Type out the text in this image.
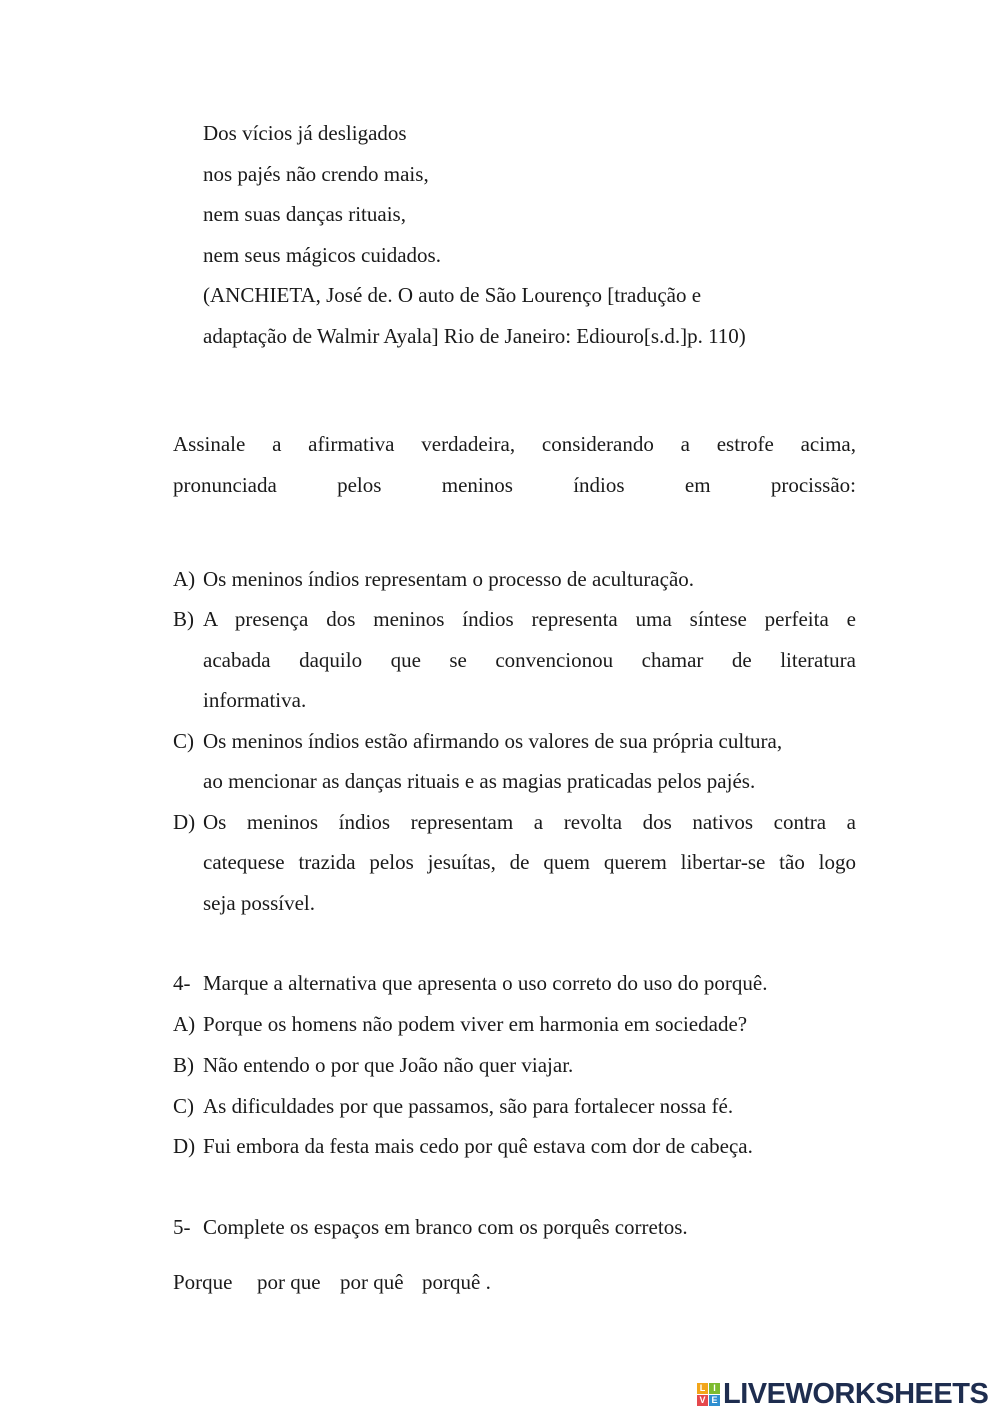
Dos vícios já desligados
nos pajés não crendo mais,
nem suas danças rituais,
nem seus mágicos cuidados.
(ANCHIETA, José de. O auto de São Lourenço [tradução e
adaptação de Walmir Ayala] Rio de Janeiro: Ediouro[s.d.]p. 110)
Assinale a afirmativa verdadeira, considerando a estrofe acima,
pronunciada pelos meninos índios em procissão:
A) Os meninos índios representam o processo de aculturação.
B) A presença dos meninos índios representa uma síntese perfeita e
acabada daquilo que se convencionou chamar de literatura
informativa.
C) Os meninos índios estão afirmando os valores de sua própria cultura,
ao mencionar as danças rituais e as magias praticadas pelos pajés.
D) Os meninos índios representam a revolta dos nativos contra a
catequese trazida pelos jesuítas, de quem querem libertar-se tão logo
seja possível.
4- Marque a alternativa que apresenta o uso correto do uso do porquê.
A) Porque os homens não podem viver em harmonia em sociedade?
B) Não entendo o por que João não quer viajar.
C) As dificuldades por que passamos, são para fortalecer nossa fé.
D) Fui embora da festa mais cedo por quê estava com dor de cabeça.
5- Complete os espaços em branco com os porquês corretos.
Porque por que por quê porquê .
L I
V E LIVEWORKSHEETS
